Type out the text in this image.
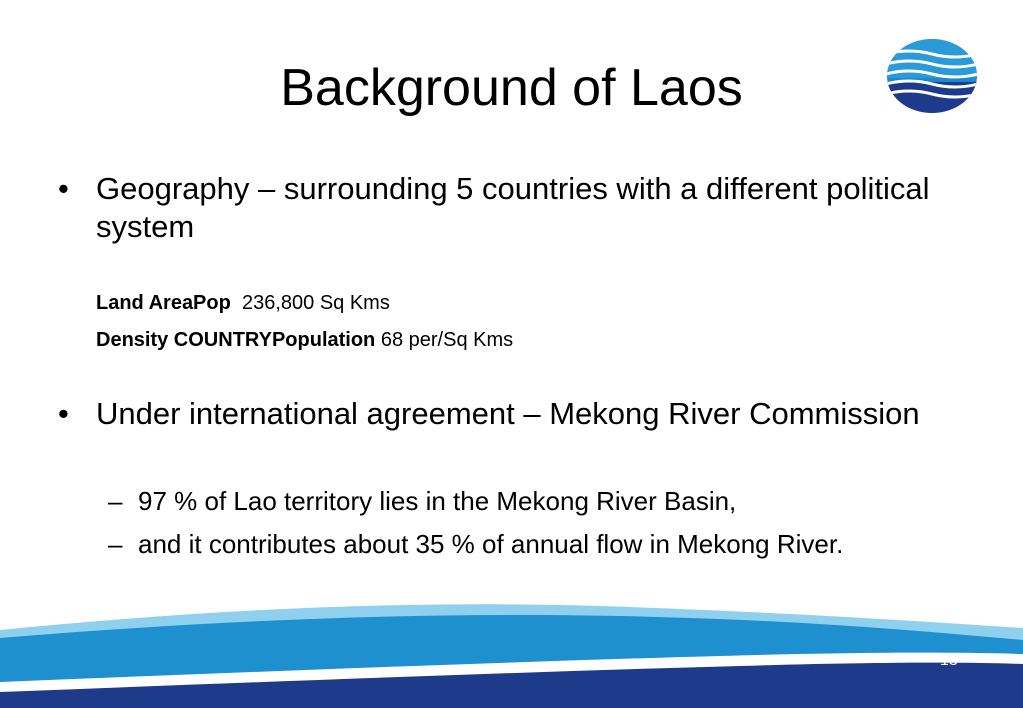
Background of Laos
• Geography – surrounding 5 countries with a different political system
Land AreaPop 236,800 Sq Kms
Density COUNTRYPopulation 68 per/Sq Kms
• Under international agreement – Mekong River Commission
– 97 % of Lao territory lies in the Mekong River Basin,
– and it contributes about 35 % of annual flow in Mekong River.
13
